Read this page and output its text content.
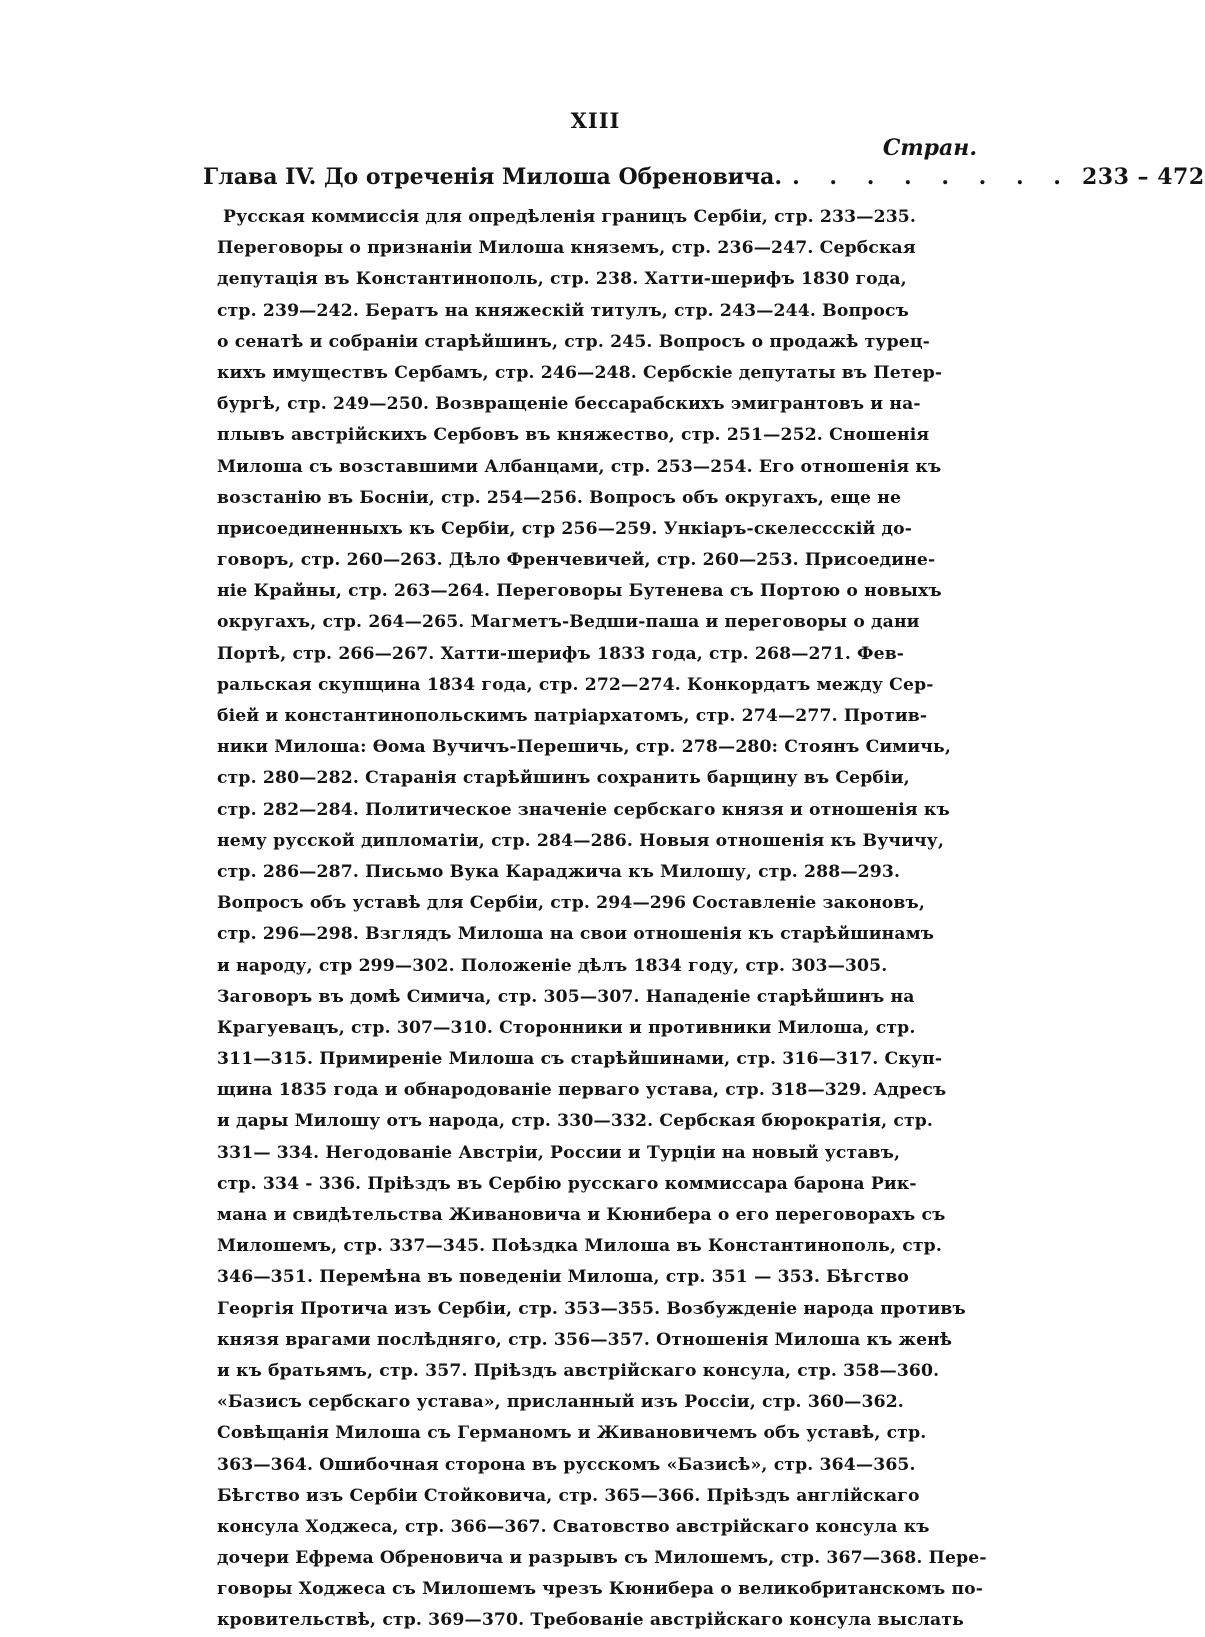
XIII
Стран.
Глава IV. До отреченія Милоша Обреновича. . . . . . . . . 233 – 472
Русская коммиссія для опредѣленія границъ Сербіи, стр. 233—235.
Переговоры о признаніи Милоша княземъ, стр. 236—247. Сербская
депутація въ Константинополь, стр. 238. Хатти-шерифъ 1830 года,
стр. 239—242. Бератъ на княжескій титулъ, стр. 243—244. Вопросъ
о сенатѣ и собраніи старѣйшинъ, стр. 245. Вопросъ о продажѣ турец-
кихъ имуществъ Сербамъ, стр. 246—248. Сербскіе депутаты въ Петер-
бургѣ, стр. 249—250. Возвращеніе бессарабскихъ эмигрантовъ и на-
плывъ австрійскихъ Сербовъ въ княжество, стр. 251—252. Сношенія
Милоша съ возставшими Албанцами, стр. 253—254. Его отношенія къ
возстанію въ Босніи, стр. 254—256. Вопросъ объ округахъ, еще не
присоединенныхъ къ Сербіи, стр 256—259. Ункіаръ-скелессскій до-
говоръ, стр. 260—263. Дѣло Френчевичей, стр. 260—253. Присоедине-
ніе Крайны, стр. 263—264. Переговоры Бутенева съ Портою о новыхъ
округахъ, стр. 264—265. Магметъ-Ведши-паша и переговоры о дани
Портѣ, стр. 266—267. Хатти-шерифъ 1833 года, стр. 268—271. Фев-
ральская скупщина 1834 года, стр. 272—274. Конкордатъ между Сер-
біей и константинопольскимъ патріархатомъ, стр. 274—277. Против-
ники Милоша: Ѳома Вучичъ-Перешичь, стр. 278—280: Стоянъ Симичь,
стр. 280—282. Старанія старѣйшинъ сохранить барщину въ Сербіи,
стр. 282—284. Политическое значеніе сербскаго князя и отношенія къ
нему русской дипломатіи, стр. 284—286. Новыя отношенія къ Вучичу,
стр. 286—287. Письмо Вука Караджича къ Милошу, стр. 288—293.
Вопросъ объ уставѣ для Сербіи, стр. 294—296 Составленіе законовъ,
стр. 296—298. Взглядъ Милоша на свои отношенія къ старѣйшинамъ
и народу, стр 299—302. Положеніе дѣлъ 1834 году, стр. 303—305.
Заговоръ въ домѣ Симича, стр. 305—307. Нападеніе старѣйшинъ на
Крагуевацъ, стр. 307—310. Сторонники и противники Милоша, стр.
311—315. Примиреніе Милоша съ старѣйшинами, стр. 316—317. Скуп-
щина 1835 года и обнародованіе перваго устава, стр. 318—329. Адресъ
и дары Милошу отъ народа, стр. 330—332. Сербская бюрократія, стр.
331— 334. Негодованіе Австріи, России и Турціи на новый уставъ,
стр. 334 - 336. Пріѣздъ въ Сербію русскаго коммиссара барона Рик-
мана и свидѣтельства Живановича и Кюнибера о его переговорахъ съ
Милошемъ, стр. 337—345. Поѣздка Милоша въ Константинополь, стр.
346—351. Перемѣна въ поведеніи Милоша, стр. 351 — 353. Бѣгство
Георгія Протича изъ Сербіи, стр. 353—355. Возбужденіе народа противъ
князя врагами послѣдняго, стр. 356—357. Отношенія Милоша къ женѣ
и къ братьямъ, стр. 357. Пріѣздъ австрійскаго консула, стр. 358—360.
«Базисъ сербскаго устава», присланный изъ Россіи, стр. 360—362.
Совѣщанія Милоша съ Германомъ и Живановичемъ объ уставѣ, стр.
363—364. Ошибочная сторона въ русскомъ «Базисѣ», стр. 364—365.
Бѣгство изъ Сербіи Стойковича, стр. 365—366. Пріѣздъ англійскаго
консула Ходжеса, стр. 366—367. Сватовство австрійскаго консула къ
дочери Ефрема Обреновича и разрывъ съ Милошемъ, стр. 367—368. Пере-
говоры Ходжеса съ Милошемъ чрезъ Кюнибера о великобританскомъ по-
кровительствѣ, стр. 369—370. Требованіе австрійскаго консула выслать
